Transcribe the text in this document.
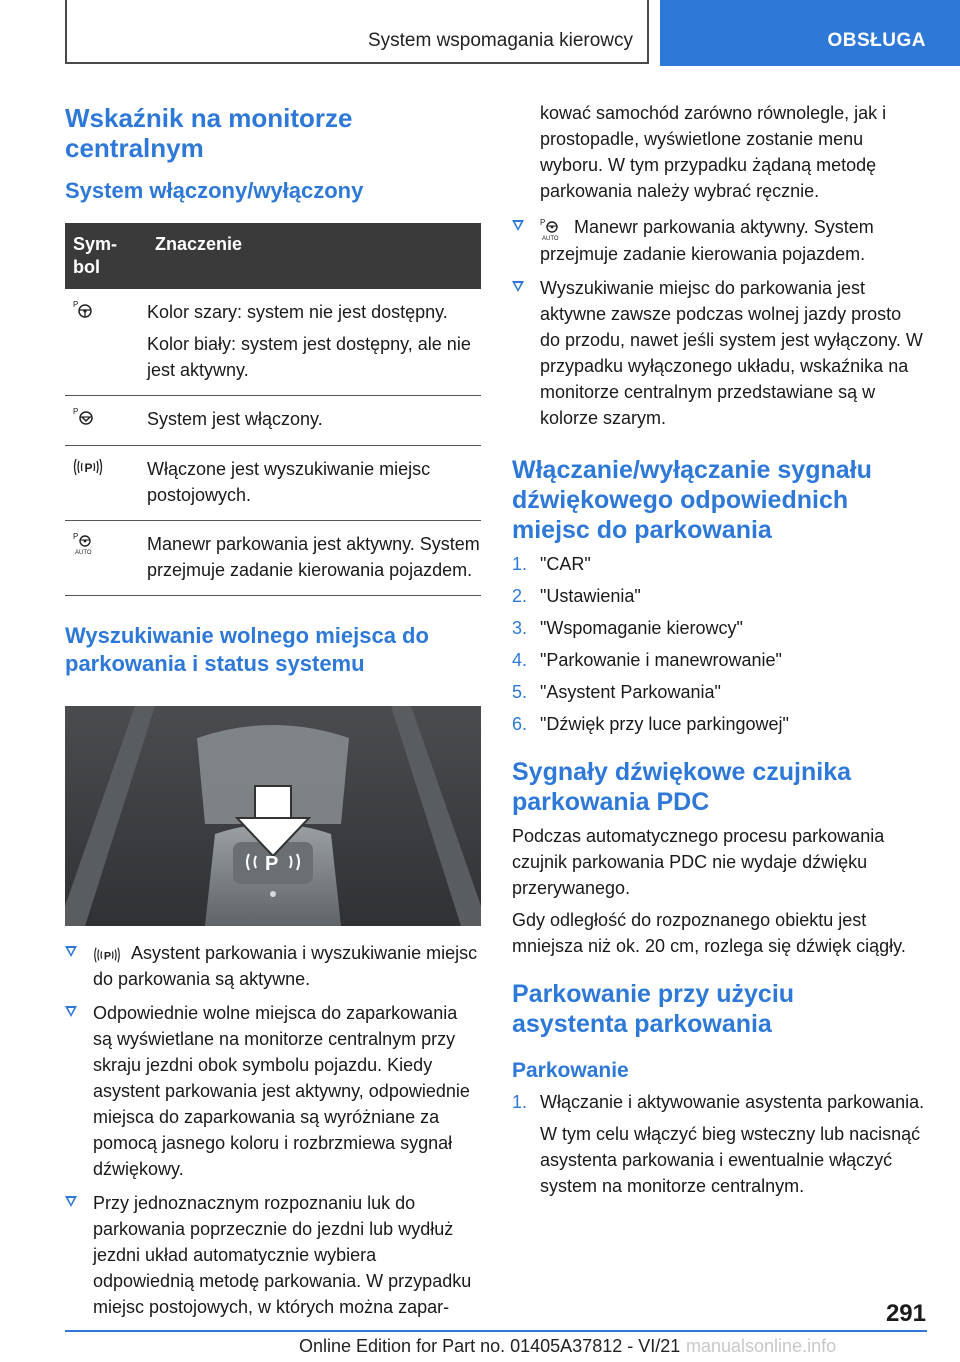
System wspomagania kierowcy	OBSŁUGA
Wskaźnik na monitorze
centralnym
System włączony/wyłączony
Sym-
bol	Znaczenie

P	Kolor szary: system nie jest dostępny.

Kolor biały: system jest dostępny, ale nie jest aktywny.

P	System jest włączony.

P	Włączone jest wyszukiwanie miejsc postojowych.

P
AUTO	Manewr parkowania jest aktywny. System przejmuje zadanie kierowania pojazdem.

Wyszukiwanie wolnego miejsca do
parkowania i status systemu
P
P Asystent parkowania i wyszukiwanie miejsc do parkowania są aktywne.
Odpowiednie wolne miejsca do zaparkowania są wyświetlane na monitorze centralnym przy skraju jezdni obok symbolu pojazdu. Kiedy asystent parkowania jest aktywny, odpowiednie miejsca do zaparkowania są wyróżniane za pomocą jasnego koloru i rozbrzmiewa sygnał dźwiękowy.
Przy jednoznacznym rozpoznaniu luk do parkowania poprzecznie do jezdni lub wydłuż jezdni układ automatycznie wybiera odpowiednią metodę parkowania. W przypadku miejsc postojowych, w których można zapar-

kować samochód zarówno równolegle, jak i prostopadle, wyświetlone zostanie menu wyboru. W tym przypadku żądaną metodę parkowania należy wybrać ręcznie.

P
AUTO
Manewr parkowania aktywny. System przejmuje zadanie kierowania pojazdem.
Wyszukiwanie miejsc do parkowania jest aktywne zawsze podczas wolnej jazdy prosto do przodu, nawet jeśli system jest wyłączony. W przypadku wyłączonego układu, wskaźnika na monitorze centralnym przedstawiane są w kolorze szarym.
Włączanie/wyłączanie sygnału
dźwiękowego odpowiednich
miejsc do parkowania
1. "CAR"
2. "Ustawienia"
3. "Wspomaganie kierowcy"
4. "Parkowanie i manewrowanie"
5. "Asystent Parkowania"
6. "Dźwięk przy luce parkingowej"
Sygnały dźwiękowe czujnika
parkowania PDC

Podczas automatycznego procesu parkowania czujnik parkowania PDC nie wydaje dźwięku przerywanego.

Gdy odległość do rozpoznanego obiektu jest mniejsza niż ok. 20 cm, rozlega się dźwięk ciągły.

Parkowanie przy użyciu
asystenta parkowania
Parkowanie
1. Włączanie i aktywowanie asystenta parkowania.

W tym celu włączyć bieg wsteczny lub nacisnąć asystenta parkowania i ewentualnie włączyć system na monitorze centralnym.

291
Online Edition for Part no. 01405A37812 - VI/21 manualsonline.info
